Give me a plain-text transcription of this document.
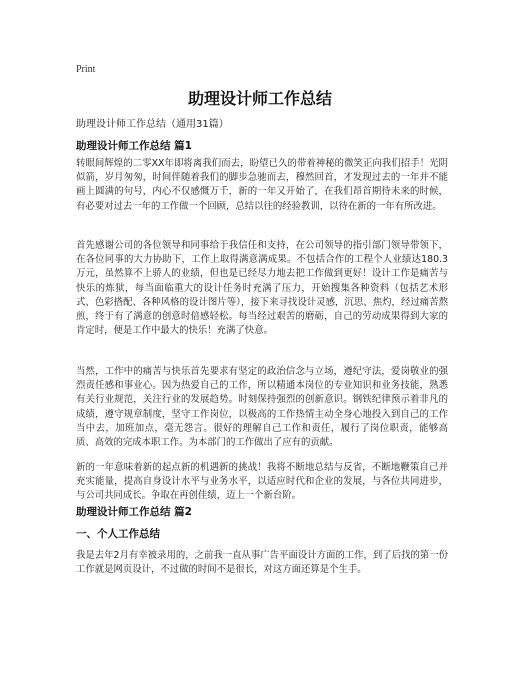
Print
助理设计师工作总结

助理设计师工作总结（通用31篇）

助理设计师工作总结 篇1

转眼间辉煌的二零XX年即将离我们而去，盼望已久的带着神秘的微笑正向我们招手！光阴似箭，岁月匆匆，时间伴随着我们的脚步急驰而去，穆然回首，才发现过去的一年并不能画上圆满的句号，内心不仅感慨万千，新的一年又开始了，在我们昂首期待未来的时候，有必要对过去一年的工作做一个回顾，总结以往的经验教训，以待在新的一年有所改进。

首先感谢公司的各位领导和同事给于我信任和支持，在公司领导的指引部门领导带领下，在各位同事的大力协助下，工作上取得满意满成果。不包括合作的工程个人业绩达180.3万元，虽然算不上骄人的业绩，但也是已经尽力地去把工作做到更好！设计工作是痛苦与快乐的炼狱，每当面临重大的设计任务时充满了压力，开始搜集各种资料（包括艺术形式、色彩搭配、各种风格的设计图片等），接下来寻找设计灵感，沉思、焦灼，经过痛苦熬煎，终于有了满意的创意时倍感轻松。每当经过艰苦的磨砺，自己的劳动成果得到大家的肯定时，便是工作中最大的快乐！充满了快意。

当然，工作中的痛苦与快乐首先要求有坚定的政治信念与立场，遵纪守法，爱岗敬业的强烈责任感和事业心。因为热爱自己的工作，所以精通本岗位的专业知识和业务技能，熟悉有关行业规范，关注行业的发展趋势。时刻保持强烈的创新意识。钢铁纪律预示着非凡的成绩，遵守规章制度，坚守工作岗位，以极高的工作热情主动全身心地投入到自己的工作当中去，加班加点，毫无怨言。很好的理解自己工作和责任，履行了岗位职责，能够高质、高效的完成本职工作。为本部门的工作做出了应有的贡献。

新的一年意味着新的起点新的机遇新的挑战！我将不断地总结与反省，不断地鞭策自己并充实能量，提高自身设计水平与业务水平，以适应时代和企业的发展，与各位共同进步，与公司共同成长。争取在再创佳绩，迈上一个新台阶。

助理设计师工作总结 篇2
一、个人工作总结

我是去年2月有幸被录用的，之前我一直从事广告平面设计方面的工作，到了后找的第一份工作就是网页设计，不过做的时间不是很长，对这方面还算是个生手。
